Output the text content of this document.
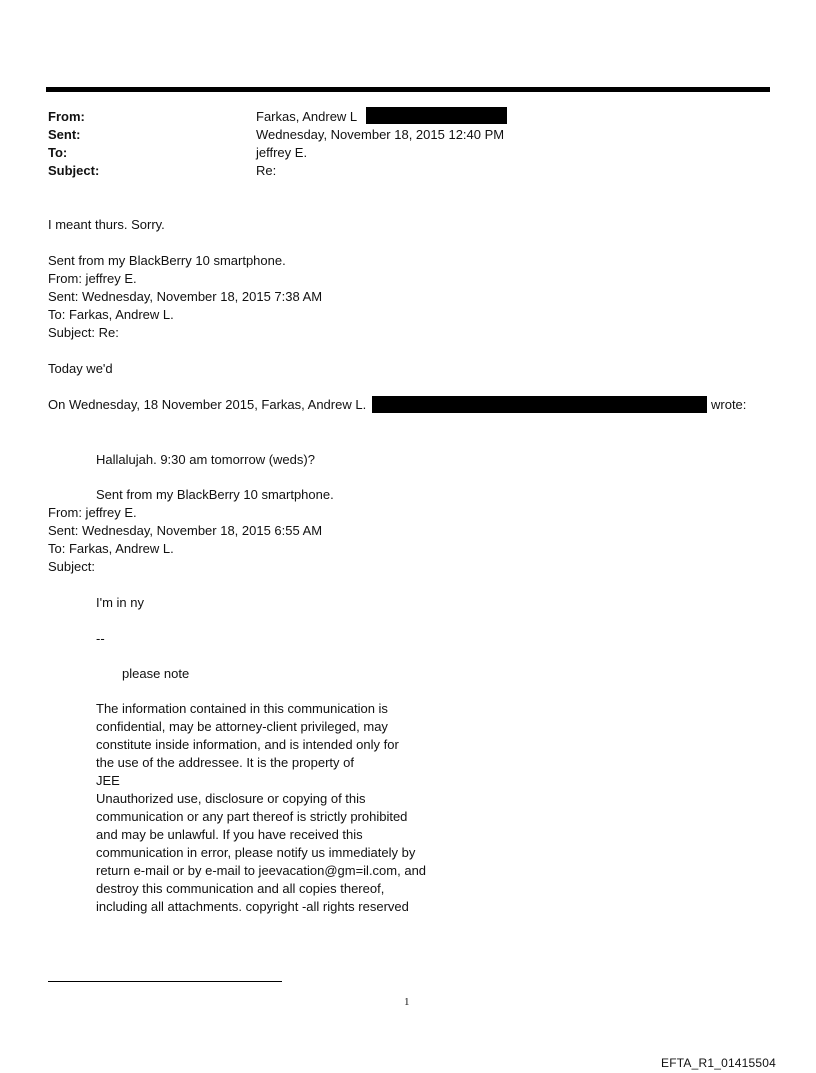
From:	Farkas, Andrew L
Sent:	Wednesday, November 18, 2015 12:40 PM
To:	jeffrey E.
Subject:	Re:
I meant thurs. Sorry.
Sent from my BlackBerry 10 smartphone.
From: jeffrey E.
Sent: Wednesday, November 18, 2015 7:38 AM
To: Farkas, Andrew L.
Subject: Re:
Today we'd
On Wednesday, 18 November 2015, Farkas, Andrew L.	wrote:
Hallalujah. 9:30 am tomorrow (weds)?
Sent from my BlackBerry 10 smartphone.
From: jeffrey E.
Sent: Wednesday, November 18, 2015 6:55 AM
To: Farkas, Andrew L.
Subject:
I'm in ny
--
please note
The information contained in this communication is
confidential, may be attorney-client privileged, may
constitute inside information, and is intended only for
the use of the addressee. It is the property of
JEE
Unauthorized use, disclosure or copying of this
communication or any part thereof is strictly prohibited
and may be unlawful. If you have received this
communication in error, please notify us immediately by
return e-mail or by e-mail to jeevacation@gm=il.com, and
destroy this communication and all copies thereof,
including all attachments. copyright -all rights reserved
1
EFTA_R1_01415504
